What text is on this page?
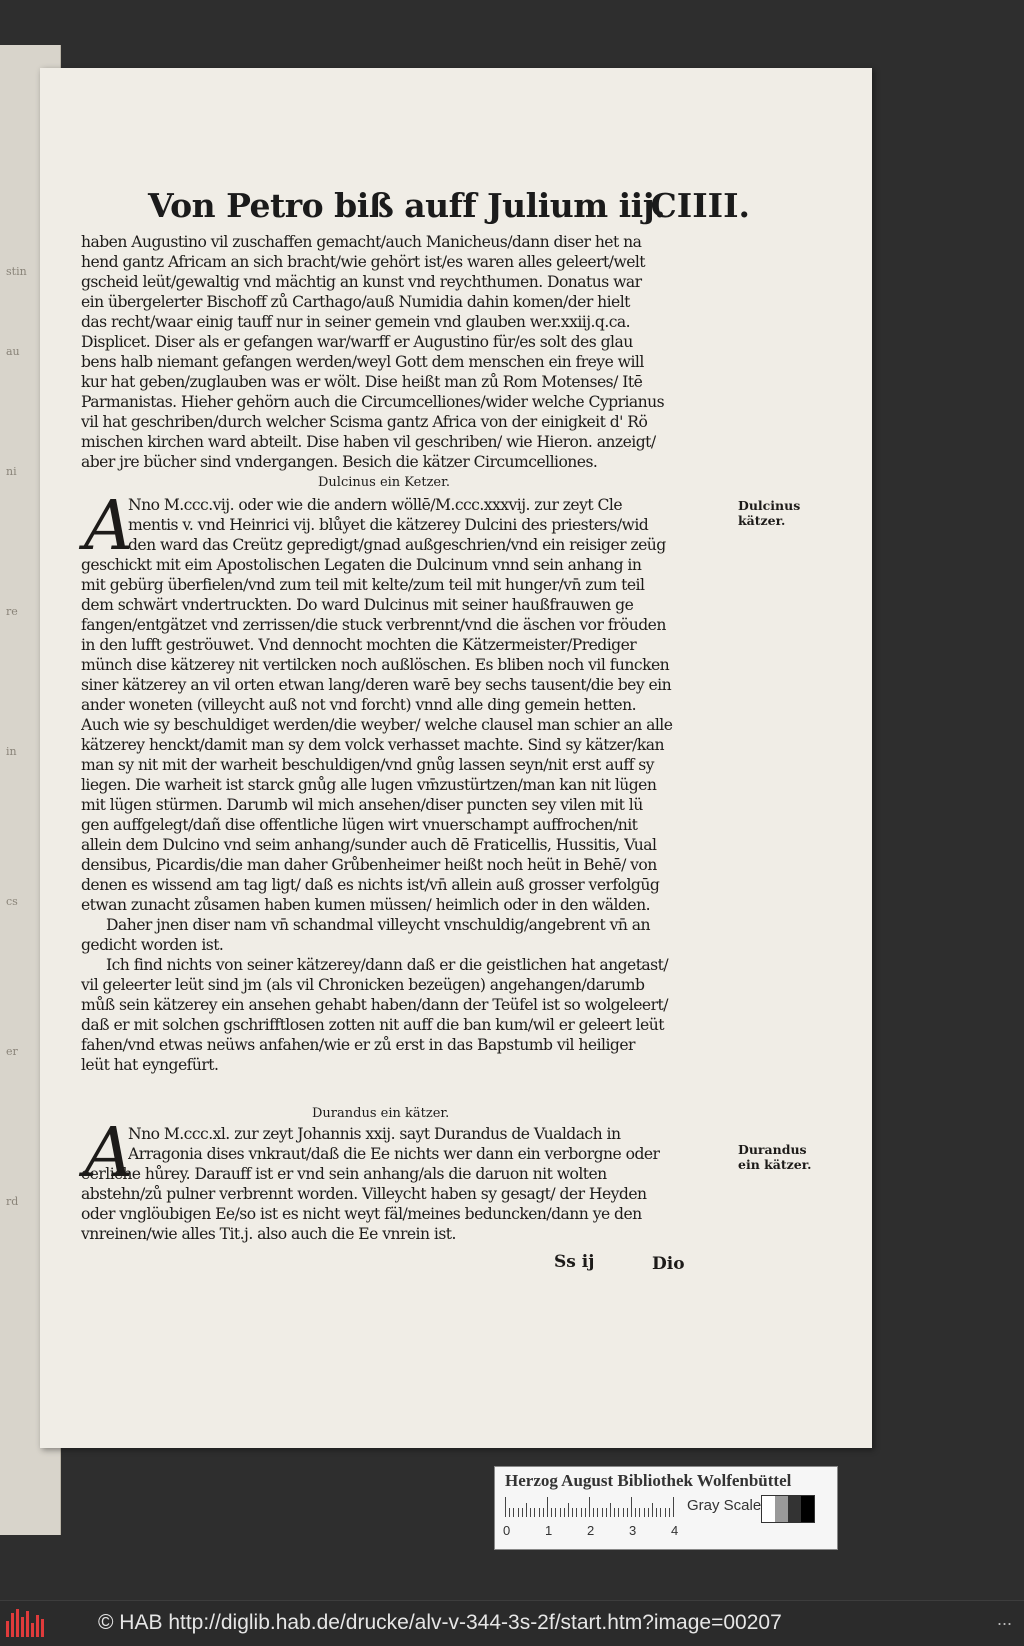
stin
au
ni
re
in
cs
er
rd
Von Petro biß auff Julium iij.
CIIII.
haben Augustino vil zuschaffen gemacht/auch Manicheus/dann diser het na
hend gantz Africam an sich bracht/wie gehört ist/es waren alles geleert/welt
gscheid leüt/gewaltig vnd mächtig an kunst vnd reychthumen. Donatus war
ein übergelerter Bischoff zů Carthago/auß Numidia dahin komen/der hielt
das recht/waar einig tauff nur in seiner gemein vnd glauben wer.xxiij.q.ca.
Displicet. Diser als er gefangen war/warff er Augustino für/es solt des glau
bens halb niemant gefangen werden/weyl Gott dem menschen ein freye will
kur hat geben/zuglauben was er wölt. Dise heißt man zů Rom Motenses/ Itē
Parmanistas. Hieher gehörn auch die Circumcelliones/wider welche Cyprianus
vil hat geschriben/durch welcher Scisma gantz Africa von der einigkeit d' Rö
mischen kirchen ward abteilt. Dise haben vil geschriben/ wie Hieron. anzeigt/
aber jre bücher sind vndergangen. Besich die kätzer Circumcelliones.
Dulcinus ein Ketzer.
A	Dulcinus
kätzer.
Nno M.ccc.vij. oder wie die andern wöllē/M.ccc.xxxvij. zur zeyt Cle
mentis v. vnd Heinrici vij. blůyet die kätzerey Dulcini des priesters/wid
den ward das Creütz gepredigt/gnad außgeschrien/vnd ein reisiger zeüg
geschickt mit eim Apostolischen Legaten die Dulcinum vnnd sein anhang in
mit gebürg überfielen/vnd zum teil mit kelte/zum teil mit hunger/vn̄ zum teil
dem schwärt vndertruckten. Do ward Dulcinus mit seiner haußfrauwen ge
fangen/entgätzet vnd zerrissen/die stuck verbrennt/vnd die äschen vor fröuden
in den lufft geströuwet. Vnd dennocht mochten die Kätzermeister/Prediger
münch dise kätzerey nit vertilcken noch außlöschen. Es bliben noch vil funcken
siner kätzerey an vil orten etwan lang/deren warē bey sechs tausent/die bey ein
ander woneten (villeycht auß not vnd forcht) vnnd alle ding gemein hetten.
Auch wie sy beschuldiget werden/die weyber/ welche clausel man schier an alle
kätzerey henckt/damit man sy dem volck verhasset machte. Sind sy kätzer/kan
man sy nit mit der warheit beschuldigen/vnd gnůg lassen seyn/nit erst auff sy
liegen. Die warheit ist starck gnůg alle lugen vm̄zustürtzen/man kan nit lügen
mit lügen stürmen. Darumb wil mich ansehen/diser puncten sey vilen mit lü
gen auffgelegt/dañ dise offentliche lügen wirt vnuerschampt auffrochen/nit
allein dem Dulcino vnd seim anhang/sunder auch dē Fraticellis, Hussitis, Vual
densibus, Picardis/die man daher Grůbenheimer heißt noch heüt in Behē/ von
denen es wissend am tag ligt/ daß es nichts ist/vn̄ allein auß grosser verfolgūg
etwan zunacht zůsamen haben kumen müssen/ heimlich oder in den wälden.
Daher jnen diser nam vn̄ schandmal villeycht vnschuldig/angebrent vn̄ an
gedicht worden ist.
Ich find nichts von seiner kätzerey/dann daß er die geistlichen hat angetast/
vil geleerter leüt sind jm (als vil Chronicken bezeügen) angehangen/darumb
můß sein kätzerey ein ansehen gehabt haben/dann der Teüfel ist so wolgeleert/
daß er mit solchen gschrifftlosen zotten nit auff die ban kum/wil er geleert leüt
fahen/vnd etwas neüws anfahen/wie er zů erst in das Bapstumb vil heiliger
leüt hat eyngefürt.
Durandus ein kätzer.
A	Durandus
ein kätzer.
Nno M.ccc.xl. zur zeyt Johannis xxij. sayt Durandus de Vualdach in
Arragonia dises vnkraut/daß die Ee nichts wer dann ein verborgne oder
eerliche hůrey. Darauff ist er vnd sein anhang/als die daruon nit wolten
abstehn/zů pulner verbrennt worden. Villeycht haben sy gesagt/ der Heyden
oder vnglöubigen Ee/so ist es nicht weyt fäl/meines beduncken/dann ye den
vnreinen/wie alles Tit.j. also auch die Ee vnrein ist.
Ss ij	Dio
Herzog August Bibliothek Wolfenbüttel
0	1	2	3	4
Gray Scale
© HAB http://diglib.hab.de/drucke/alv-v-344-3s-2f/start.htm?image=00207	...
